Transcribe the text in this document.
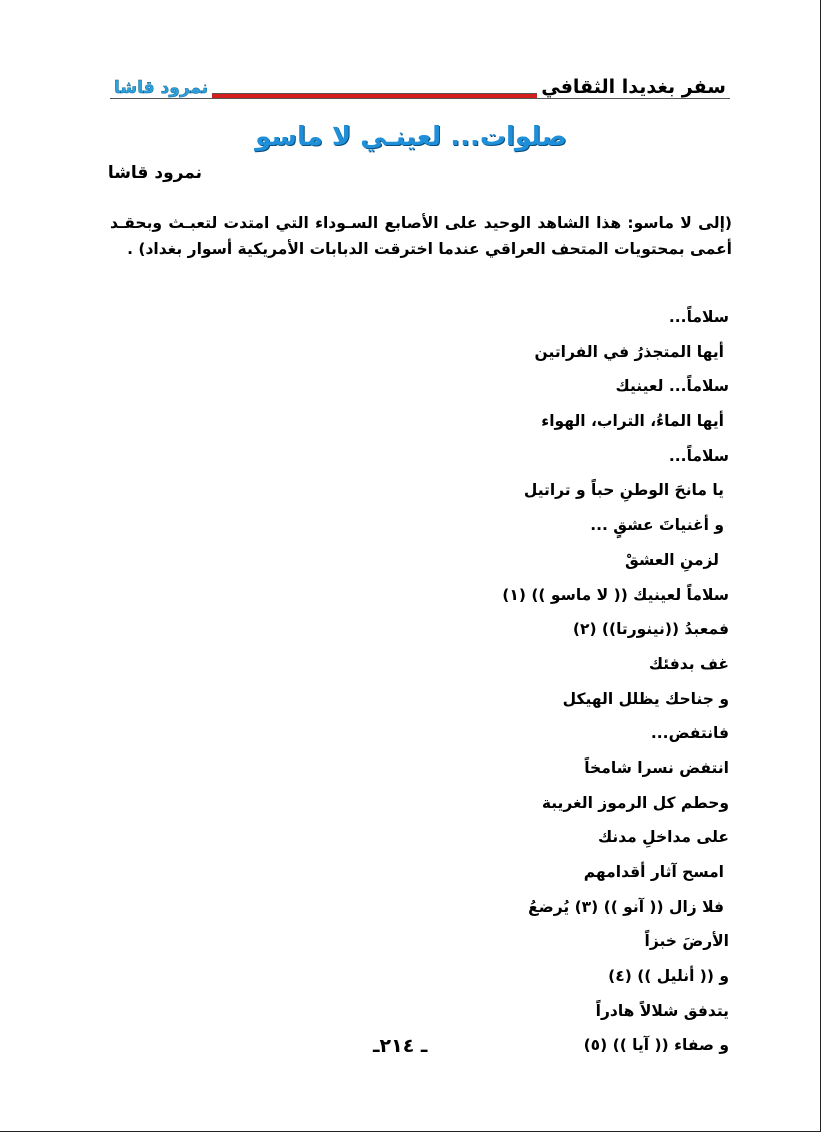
سفر بغديدا الثقافي
نمرود قاشا
صلوات... لعينـي لا ماسو
نمرود قاشا
(إلى لا ماسو: هذا الشاهد الوحيد على الأصابع السـوداء التي امتدت لتعبـث وبحقـد أعمى بمحتويات المتحف العراقي عندما اخترقت الدبابات الأمريكية أسوار بغداد) .
سلاماً...
أيها المتجذرُ في الفراتين
سلاماً... لعينيك
أيها الماءُ، التراب، الهواء
سلاماً...
يا مانحَ الوطنِ حباً و تراتيل
و أغنياتَ عشقٍ ...
لزمنِ العشقْ
سلاماً لعينيك (( لا ماسو )) (١)
فمعبدُ ((نينورتا)) (٢)
غف بدفئك
و جناحك يظلل الهيكل
فانتفض...
انتفض نسرا شامخاً
وحطم كل الرموز الغريبة
على مداخلِ مدنك
امسح آثار أقدامهم
فلا زال (( آنو )) (٣) يُرضعُ
الأرضَ خبزاً
و (( أنليل )) (٤)
يتدفق شلالاً هادراً
و صفاء (( آيا )) (٥)
ـ ٢١٤ـ
